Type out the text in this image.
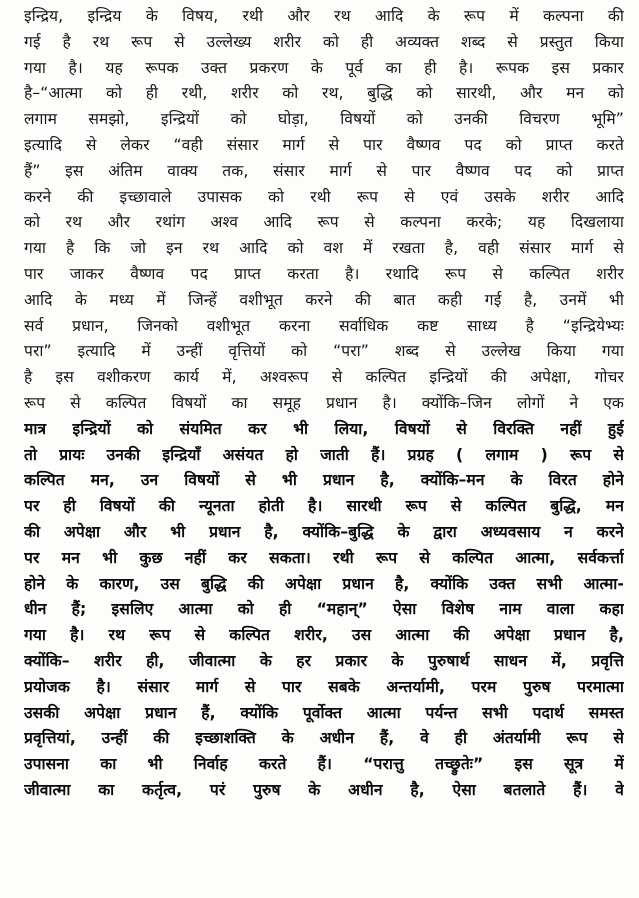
इन्द्रिय, इन्द्रिय के विषय, रथी और रथ आदि के रूप में कल्पना की
गई है रथ रूप से उल्लेख्य शरीर को ही अव्यक्त शब्द से प्रस्तुत किया
गया है। यह रूपक उक्त प्रकरण के पूर्व का ही है। रूपक इस प्रकार
है–“आत्मा को ही रथी, शरीर को रथ, बुद्धि को सारथी, और मन को
लगाम समझो, इन्द्रियों को घोड़ा, विषयों को उनकी विचरण भूमि”
इत्यादि से लेकर “वही संसार मार्ग से पार वैष्णव पद को प्राप्त करते
हैं” इस अंतिम वाक्य तक, संसार मार्ग से पार वैष्णव पद को प्राप्त
करने की इच्छावाले उपासक को रथी रूप से एवं उसके शरीर आदि
को रथ और रथांग अश्व आदि रूप से कल्पना करके; यह दिखलाया
गया है कि जो इन रथ आदि को वश में रखता है, वही संसार मार्ग से
पार जाकर वैष्णव पद प्राप्त करता है। रथादि रूप से कल्पित शरीर
आदि के मध्य में जिन्हें वशीभूत करने की बात कही गई है, उनमें भी
सर्व प्रधान, जिनको वशीभूत करना सर्वाधिक कष्ट साध्य है “इन्द्रियेभ्यः
परा” इत्यादि में उन्हीं वृत्तियों को “परा” शब्द से उल्लेख किया गया
है इस वशीकरण कार्य में, अश्वरूप से कल्पित इन्द्रियों की अपेक्षा, गोचर
रूप से कल्पित विषयों का समूह प्रधान है। क्योंकि–जिन लोगों ने एक
मात्र इन्द्रियों को संयमित कर भी लिया, विषयों से विरक्ति नहीं हुई
तो प्रायः उनकी इन्द्रियाँ असंयत हो जाती हैं। प्रग्रह ( लगाम ) रूप से
कल्पित मन, उन विषयों से भी प्रधान है, क्योंकि–मन के विरत होने
पर ही विषयों की न्यूनता होती है। सारथी रूप से कल्पित बुद्धि, मन
की अपेक्षा और भी प्रधान है, क्योंकि–बुद्धि के द्वारा अध्यवसाय न करने
पर मन भी कुछ नहीं कर सकता। रथी रूप से कल्पित आत्मा, सर्वकर्त्ता
होने के कारण, उस बुद्धि की अपेक्षा प्रधान है, क्योंकि उक्त सभी आत्मा-
धीन हैं; इसलिए आत्मा को ही “महान्” ऐसा विशेष नाम वाला कहा
गया है। रथ रूप से कल्पित शरीर, उस आत्मा की अपेक्षा प्रधान है,
क्योंकि– शरीर ही, जीवात्मा के हर प्रकार के पुरुषार्थ साधन में, प्रवृत्ति
प्रयोजक है। संसार मार्ग से पार सबके अन्तर्यामी, परम पुरुष परमात्मा
उसकी अपेक्षा प्रधान हैं, क्योंकि पूर्वोक्त आत्मा पर्यन्त सभी पदार्थ समस्त
प्रवृत्तियां, उन्हीं की इच्छाशक्ति के अधीन हैं, वे ही अंतर्यामी रूप से
उपासना का भी निर्वाह करते हैं। “परात्तु तच्छ्रुतेः” इस सूत्र में
जीवात्मा का कर्तृत्व, परं पुरुष के अधीन है, ऐसा बतलाते हैं। वे
